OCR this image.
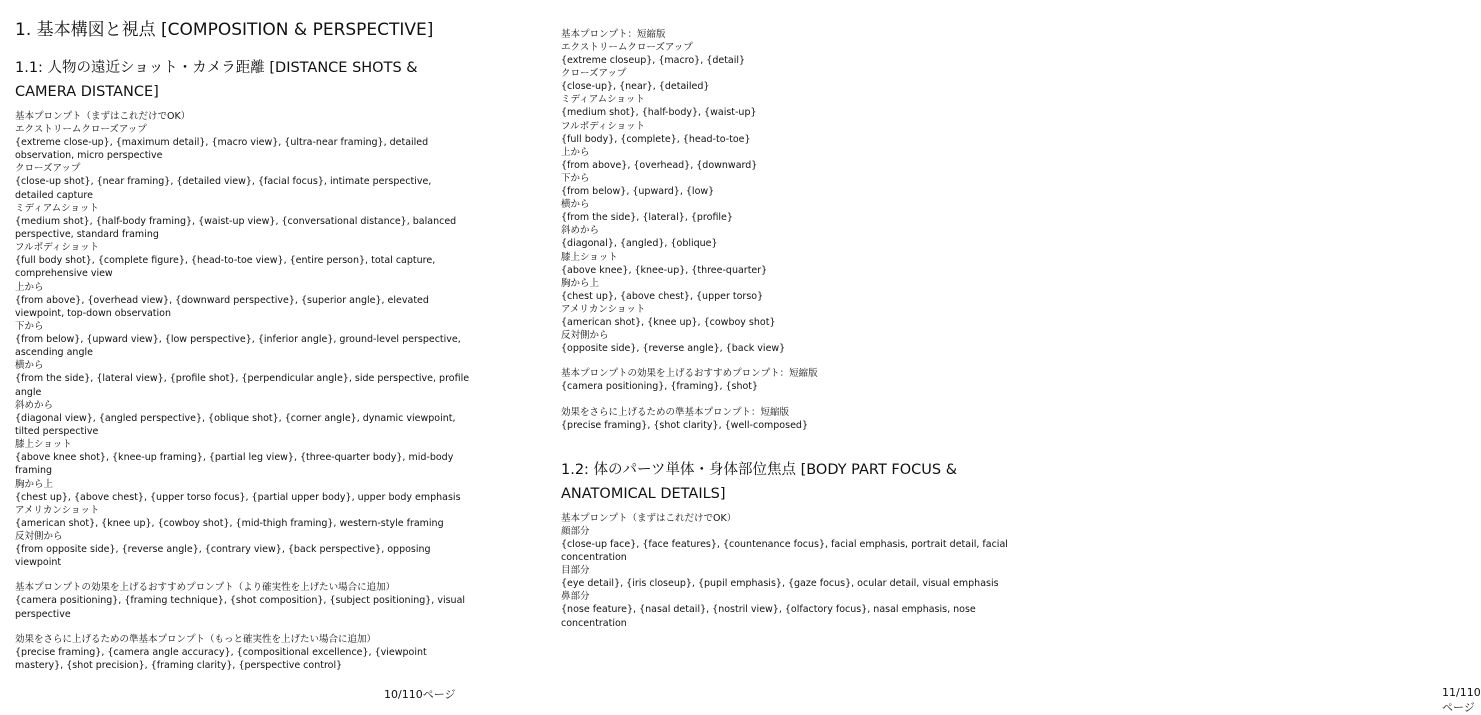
1. 基本構図と視点 [COMPOSITION & PERSPECTIVE]
1.1: 人物の遠近ショット・カメラ距離 [DISTANCE SHOTS & CAMERA DISTANCE]
基本プロンプト（まずはこれだけでOK）
エクストリームクローズアップ
{extreme close-up}, {maximum detail}, {macro view}, {ultra-near framing}, detailed observation, micro perspective
クローズアップ
{close-up shot}, {near framing}, {detailed view}, {facial focus}, intimate perspective, detailed capture
ミディアムショット
{medium shot}, {half-body framing}, {waist-up view}, {conversational distance}, balanced perspective, standard framing
フルボディショット
{full body shot}, {complete figure}, {head-to-toe view}, {entire person}, total capture, comprehensive view
上から
{from above}, {overhead view}, {downward perspective}, {superior angle}, elevated viewpoint, top-down observation
下から
{from below}, {upward view}, {low perspective}, {inferior angle}, ground-level perspective, ascending angle
横から
{from the side}, {lateral view}, {profile shot}, {perpendicular angle}, side perspective, profile angle
斜めから
{diagonal view}, {angled perspective}, {oblique shot}, {corner angle}, dynamic viewpoint, tilted perspective
膝上ショット
{above knee shot}, {knee-up framing}, {partial leg view}, {three-quarter body}, mid-body framing
胸から上
{chest up}, {above chest}, {upper torso focus}, {partial upper body}, upper body emphasis
アメリカンショット
{american shot}, {knee up}, {cowboy shot}, {mid-thigh framing}, western-style framing
反対側から
{from opposite side}, {reverse angle}, {contrary view}, {back perspective}, opposing viewpoint
基本プロンプトの効果を上げるおすすめプロンプト（より確実性を上げたい場合に追加）
{camera positioning}, {framing technique}, {shot composition}, {subject positioning}, visual perspective
効果をさらに上げるための準基本プロンプト（もっと確実性を上げたい場合に追加）
{precise framing}, {camera angle accuracy}, {compositional excellence}, {viewpoint mastery}, {shot precision}, {framing clarity}, {perspective control}
10/110ページ
基本プロンプト：短縮版
エクストリームクローズアップ
{extreme closeup}, {macro}, {detail}
クローズアップ
{close-up}, {near}, {detailed}
ミディアムショット
{medium shot}, {half-body}, {waist-up}
フルボディショット
{full body}, {complete}, {head-to-toe}
上から
{from above}, {overhead}, {downward}
下から
{from below}, {upward}, {low}
横から
{from the side}, {lateral}, {profile}
斜めから
{diagonal}, {angled}, {oblique}
膝上ショット
{above knee}, {knee-up}, {three-quarter}
胸から上
{chest up}, {above chest}, {upper torso}
アメリカンショット
{american shot}, {knee up}, {cowboy shot}
反対側から
{opposite side}, {reverse angle}, {back view}
基本プロンプトの効果を上げるおすすめプロンプト：短縮版
{camera positioning}, {framing}, {shot}
効果をさらに上げるための準基本プロンプト：短縮版
{precise framing}, {shot clarity}, {well-composed}
1.2: 体のパーツ単体・身体部位焦点 [BODY PART FOCUS & ANATOMICAL DETAILS]
基本プロンプト（まずはこれだけでOK）
顔部分
{close-up face}, {face features}, {countenance focus}, facial emphasis, portrait detail, facial concentration
目部分
{eye detail}, {iris closeup}, {pupil emphasis}, {gaze focus}, ocular detail, visual emphasis
鼻部分
{nose feature}, {nasal detail}, {nostril view}, {olfactory focus}, nasal emphasis, nose concentration
11/110ページ
